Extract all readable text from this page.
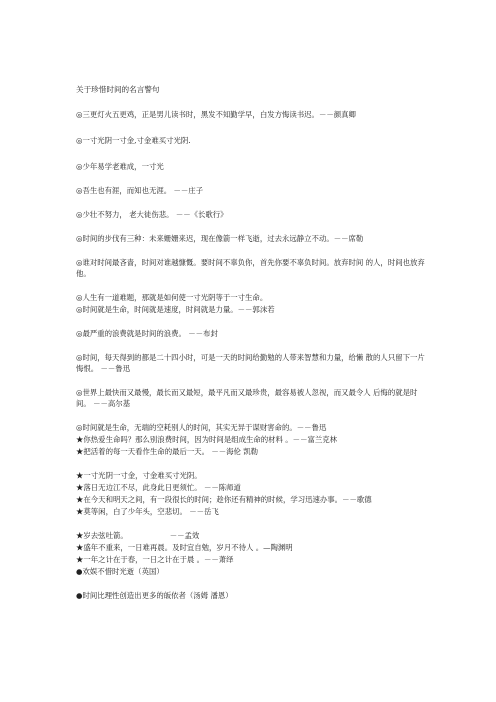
关于珍惜时间的名言警句

◎三更灯火五更鸡，正是男儿读书时，黑发不知勤学早，白发方悔读书迟。－－颜真卿

◎一寸光阴一寸金,寸金难买寸光阴.

◎少年易学老难成，一寸光

◎吾生也有涯，而知也无涯。 －－庄子

◎少壮不努力， 老大徒伤悲。 －－《长歌行》

◎时间的步伐有三种：未来姗姗来迟，现在像箭一样飞逝，过去永远静立不动。－－席勒

◎谁对时间最吝啬，时间对谁越慷慨。要时间不辜负你，首先你要不辜负时间。放弃时间 的人，时间也放弃他。

◎人生有一道难题，那就是如何使一寸光阴等于一寸生命。

◎时间就是生命，时间就是速度，时间就是力量。－－郭沫若

◎最严重的浪费就是时间的浪费。 －－布封

◎时间，每天得到的都是二十四小时，可是一天的时间给勤勉的人带来智慧和力量，给懒 散的人只留下一片悔恨。 －－鲁迅

◎世界上最快而又最慢，最长而又最短，最平凡而又最珍贵，最容易被人忽视，而又最令人 后悔的就是时间。 －－高尔基

◎时间就是生命，无端的空耗别人的时间，其实无异于谋财害命的。－－鲁迅

★你热爱生命吗？那么别浪费时间，因为时间是组成生命的材料 。－－富兰克林

★把活着的每一天看作生命的最后一天。 －－海伦 凯勒

★一寸光阴一寸金，寸金难买寸光阴。

★落日无边江不尽，此身此日更须忙。 －－陈师道

★在今天和明天之间，有一段很长的时间；趁你还有精神的时候，学习迅速办事。－－歌德

★莫等闲，白了少年头，空悲切。 －－岳飞

★岁去弦吐箭。	－－孟效

★盛年不重来，一日难再晨。及时宜自勉，岁月不待人 。—陶渊明

★一年之计在于春，一日之计在于晨 。－－萧绎

●欢娱不惜时光逝（英国）

●时间比理性创造出更多的皈依者（汤姆 潘恩）
